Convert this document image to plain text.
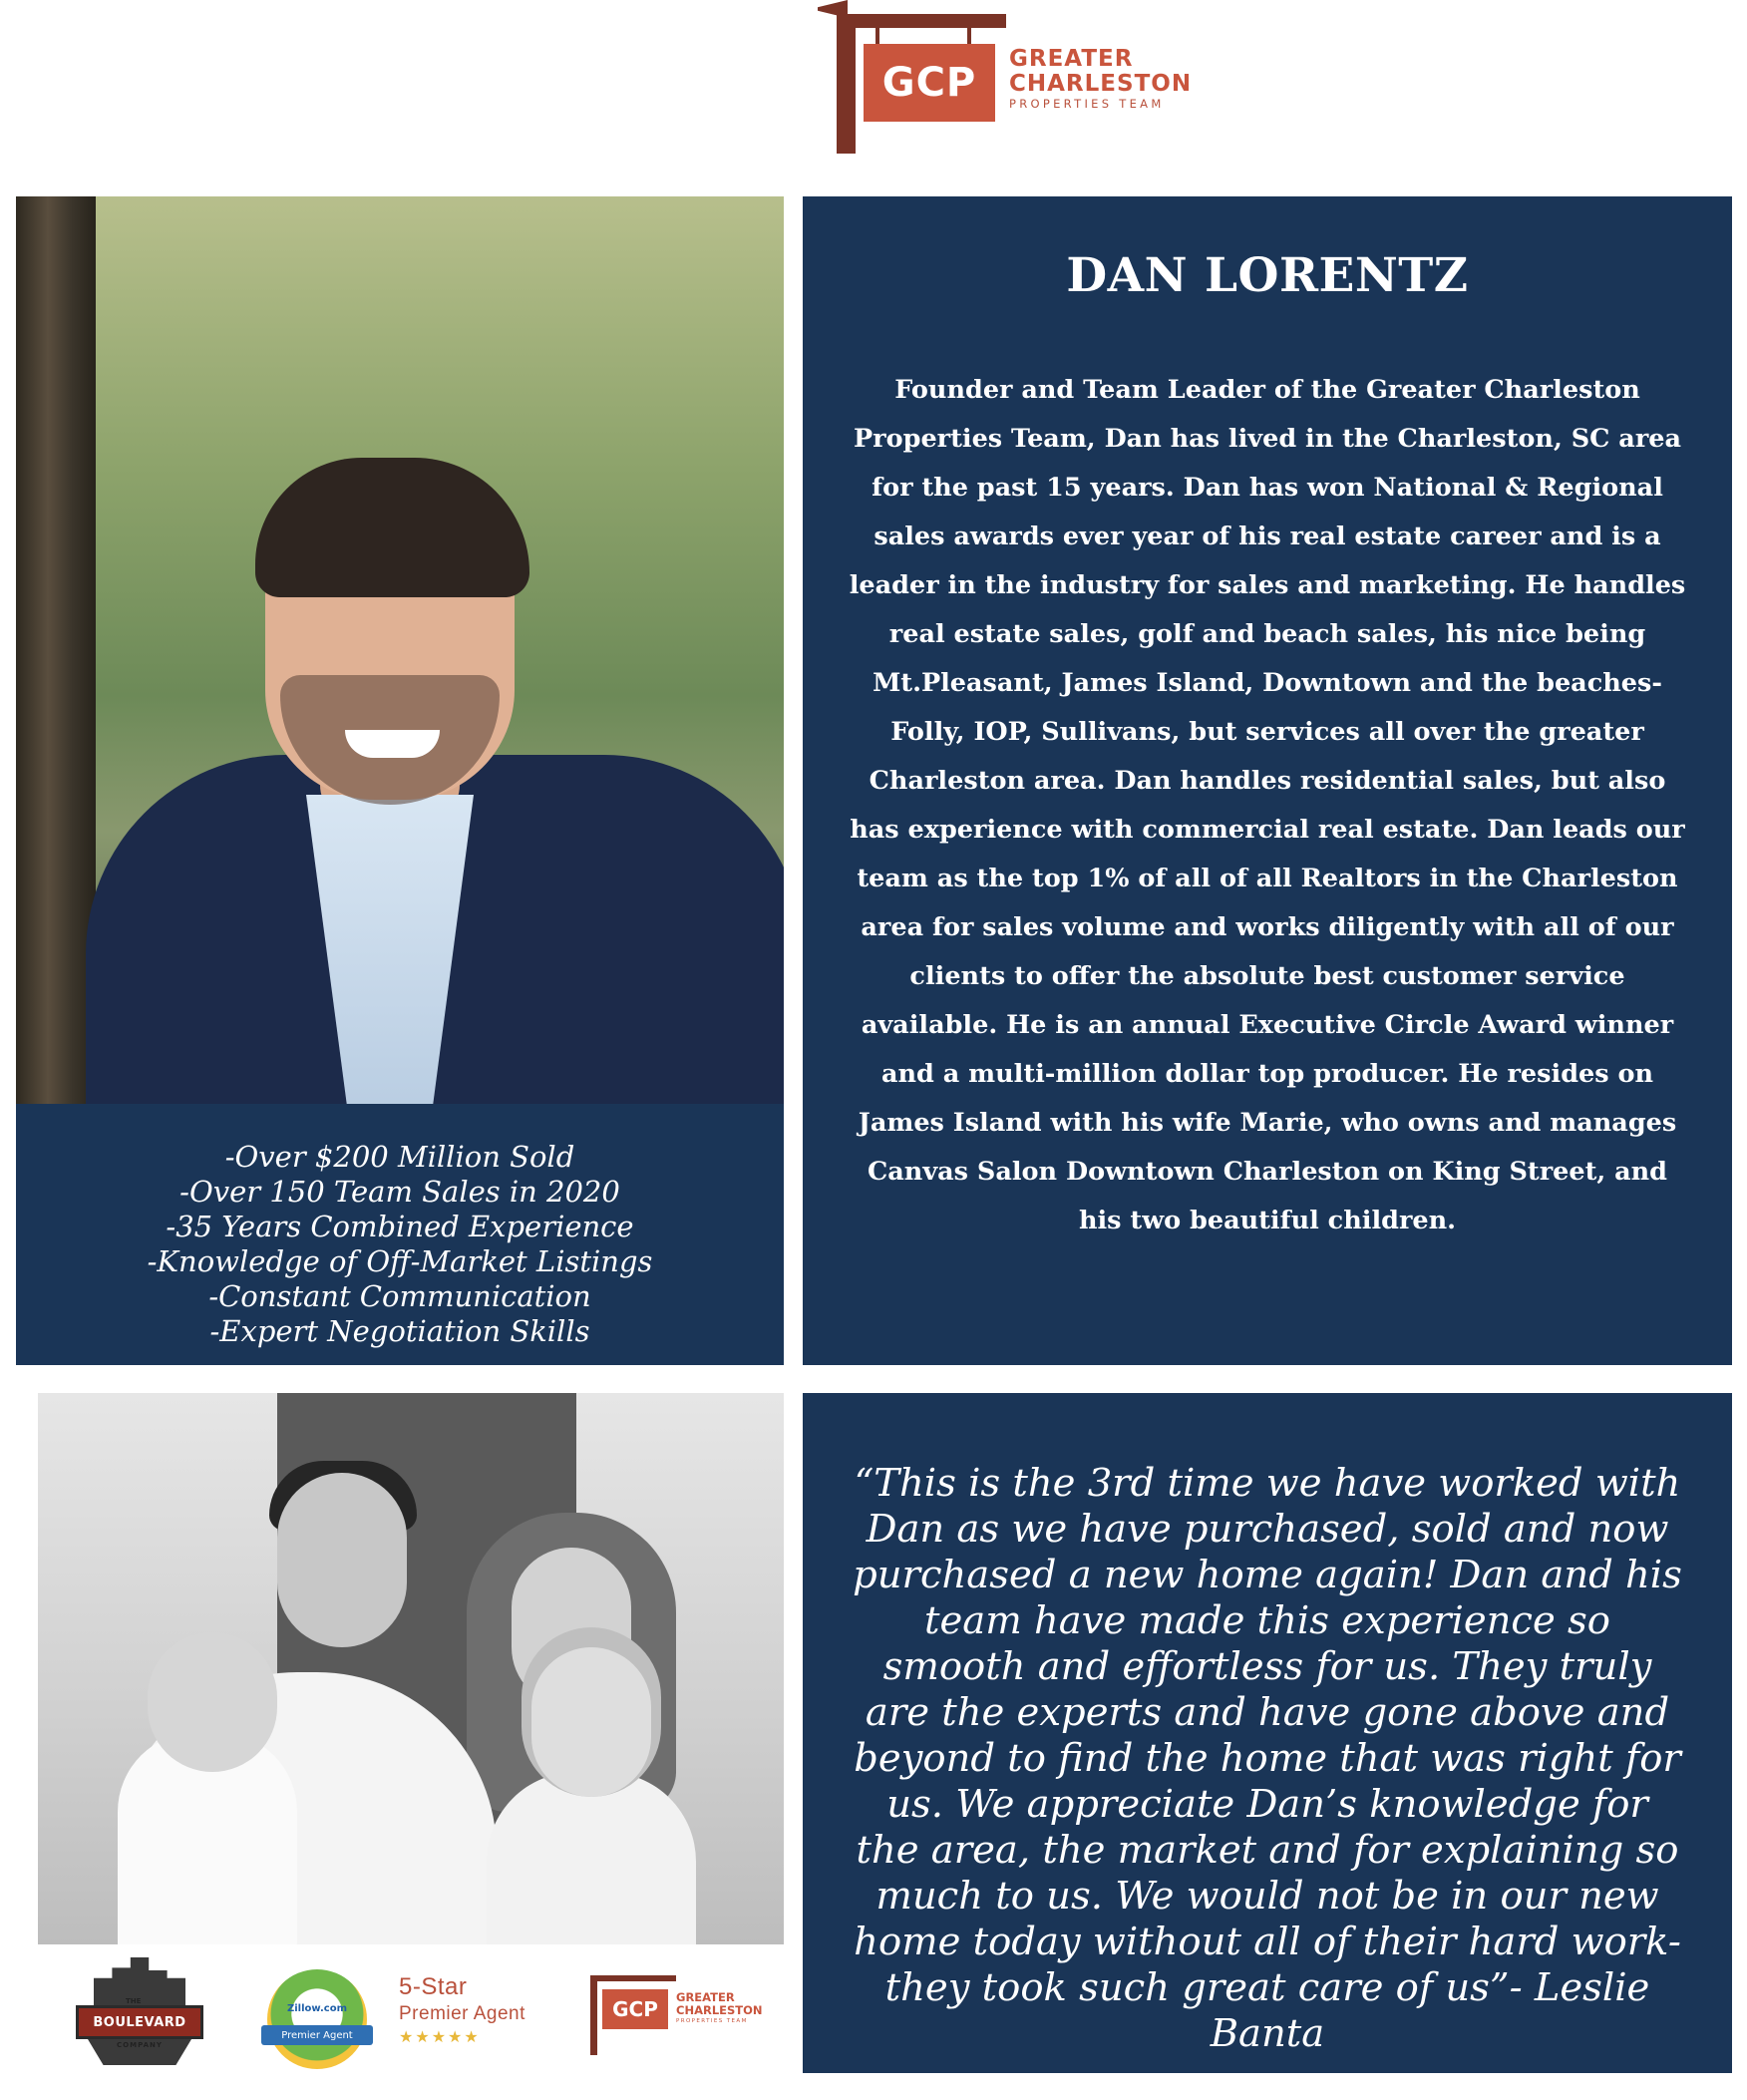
GCP
GREATER
CHARLESTON
PROPERTIES TEAM
-Over $200 Million Sold
-Over 150 Team Sales in 2020
-35 Years Combined Experience
-Knowledge of Off-Market Listings
-Constant Communication
-Expert Negotiation Skills
DAN LORENTZ
Founder and Team Leader of the Greater Charleston Properties Team, Dan has lived in the Charleston, SC area for the past 15 years. Dan has won National & Regional sales awards ever year of his real estate career and is a leader in the industry for sales and marketing. He handles real estate sales, golf and beach sales, his nice being Mt.Pleasant, James Island, Downtown and the beaches- Folly, IOP, Sullivans, but services all over the greater Charleston area. Dan handles residential sales, but also has experience with commercial real estate. Dan leads our team as the top 1% of all of all Realtors in the Charleston area for sales volume and works diligently with all of our clients to offer the absolute best customer service available. He is an annual Executive Circle Award winner and a multi-million dollar top producer. He resides on James Island with his wife Marie, who owns and manages Canvas Salon Downtown Charleston on King Street, and his two beautiful children.
BOULEVARD
THE
COMPANY
Zillow.com
Premier Agent
5-Star
Premier Agent
★★★★★
GCP	GREATER
CHARLESTON
PROPERTIES TEAM
“This is the 3rd time we have worked with Dan as we have purchased, sold and now purchased a new home again! Dan and his team have made this experience so smooth and effortless for us. They truly are the experts and have gone above and beyond to find the home that was right for us. We appreciate Dan’s knowledge for the area, the market and for explaining so much to us. We would not be in our new home today without all of their hard work-they took such great care of us”- Leslie Banta
